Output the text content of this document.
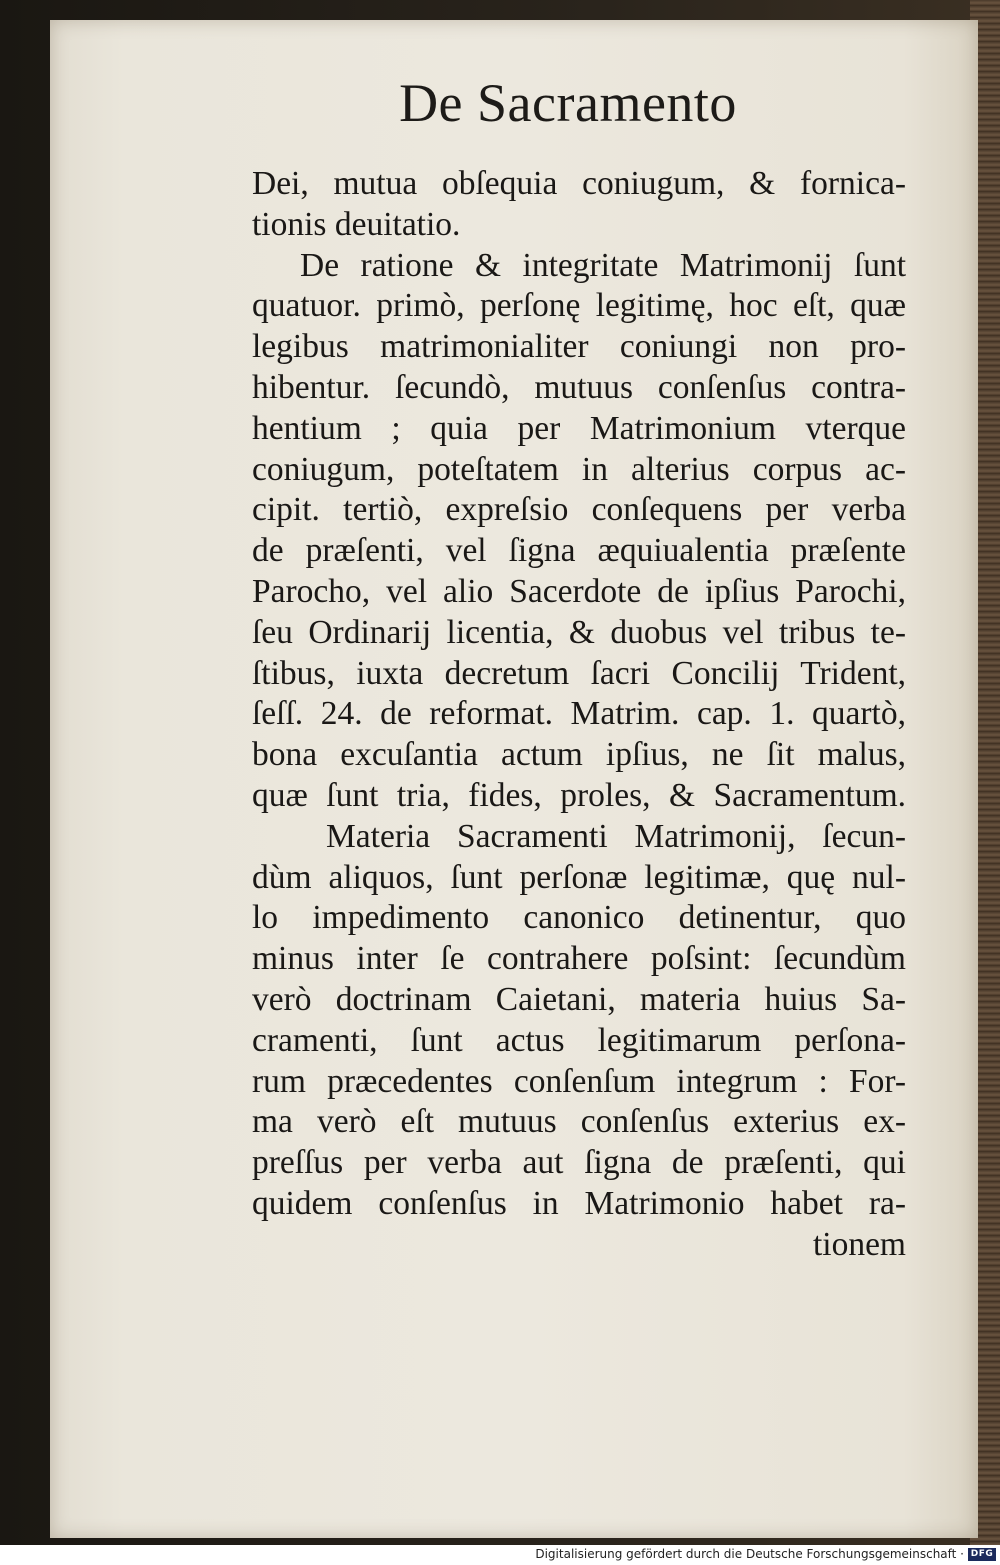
De Sacramento
Dei, mutua obſequia coniugum, & fornica-
tionis deuitatio.
De ratione & integritate Matrimonij ſunt
quatuor. primò, perſonę legitimę, hoc eſt, quæ
legibus matrimonialiter coniungi non pro-
hibentur. ſecundò, mutuus conſenſus contra-
hentium ; quia per Matrimonium vterque
coniugum, poteſtatem in alterius corpus ac-
cipit. tertiò, expreſsio conſequens per verba
de præſenti, vel ſigna æquiualentia præſente
Parocho, vel alio Sacerdote de ipſius Parochi,
ſeu Ordinarij licentia, & duobus vel tribus te-
ſtibus, iuxta decretum ſacri Concilij Trident,
ſeſſ. 24. de reformat. Matrim. cap. 1. quartò,
bona excuſantia actum ipſius, ne ſit malus,
quæ ſunt tria, fides, proles, & Sacramentum.
Materia Sacramenti Matrimonij, ſecun-
dùm aliquos, ſunt perſonæ legitimæ, quę nul-
lo impedimento canonico detinentur, quo
minus inter ſe contrahere poſsint: ſecundùm
verò doctrinam Caietani, materia huius Sa-
cramenti, ſunt actus legitimarum perſona-
rum præcedentes conſenſum integrum : For-
ma verò eſt mutuus conſenſus exterius ex-
preſſus per verba aut ſigna de præſenti, qui
quidem conſenſus in Matrimonio habet ra-
tionem
Digitalisierung gefördert durch die Deutsche Forschungsgemeinschaft · DFG
